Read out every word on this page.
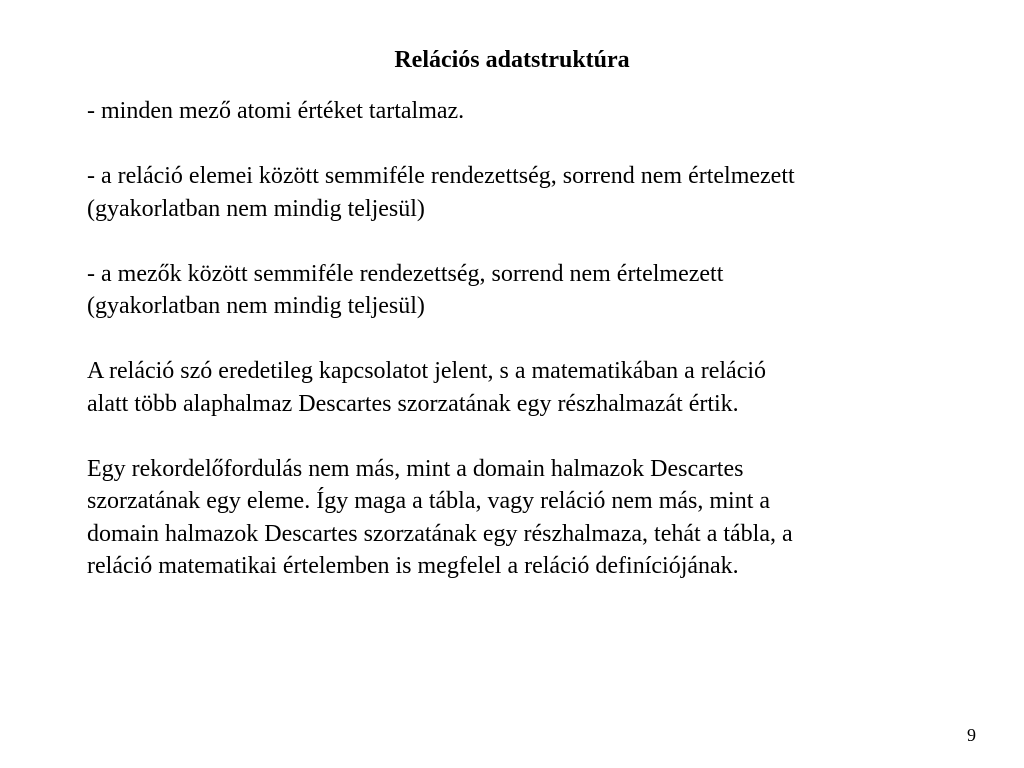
Relációs adatstruktúra

- minden mező atomi értéket tartalmaz.

- a reláció elemei között semmiféle rendezettség, sorrend nem értelmezett
(gyakorlatban nem mindig teljesül)

- a mezők között semmiféle rendezettség, sorrend nem értelmezett
(gyakorlatban nem mindig teljesül)

A reláció szó eredetileg kapcsolatot jelent, s a matematikában a reláció
alatt több alaphalmaz Descartes szorzatának egy részhalmazát értik.

Egy rekordelőfordulás nem más, mint a domain halmazok Descartes
szorzatának egy eleme. Így maga a tábla, vagy reláció nem más, mint a
domain halmazok Descartes szorzatának egy részhalmaza, tehát a tábla, a
reláció matematikai értelemben is megfelel a reláció definíciójának.

9
